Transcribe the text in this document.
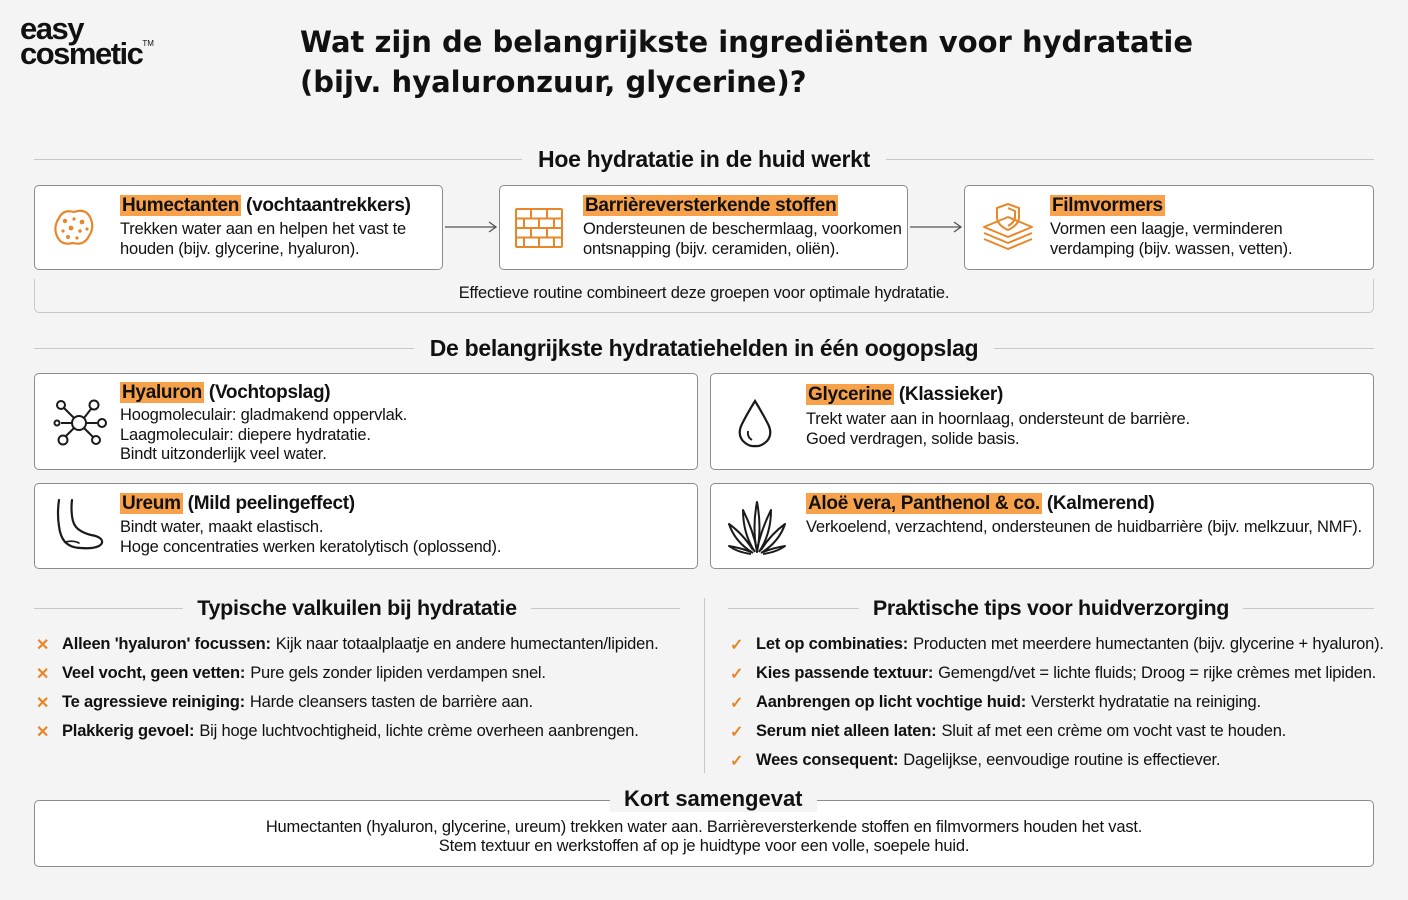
easy
cosmetic™	Wat zijn de belangrijkste ingrediënten voor hydratatie
(bijv. hyaluronzuur, glycerine)?
Hoe hydratatie in de huid werkt
Humectanten (vochtaantrekkers)
Trekken water aan en helpen het vast te houden (bijv. glycerine, hyaluron).
Barrièreversterkende stoffen
Ondersteunen de beschermlaag, voorkomen ontsnapping (bijv. ceramiden, oliën).
Filmvormers
Vormen een laagje, verminderen verdamping (bijv. wassen, vetten).
Effectieve routine combineert deze groepen voor optimale hydratatie.
De belangrijkste hydratatiehelden in één oogopslag
Hyaluron (Vochtopslag)
Hoogmoleculair: gladmakend oppervlak.
Laagmoleculair: diepere hydratatie.
Bindt uitzonderlijk veel water.
Glycerine (Klassieker)
Trekt water aan in hoornlaag, ondersteunt de barrière.
Goed verdragen, solide basis.
Ureum (Mild peelingeffect)
Bindt water, maakt elastisch.
Hoge concentraties werken keratolytisch (oplossend).
Aloë vera, Panthenol & co. (Kalmerend)
Verkoelend, verzachtend, ondersteunen de huidbarrière (bijv. melkzuur, NMF).
Typische valkuilen bij hydratatie
✕ Alleen 'hyaluron' focussen: Kijk naar totaalplaatje en andere humectanten/lipiden.
✕ Veel vocht, geen vetten: Pure gels zonder lipiden verdampen snel.
✕ Te agressieve reiniging: Harde cleansers tasten de barrière aan.
✕ Plakkerig gevoel: Bij hoge luchtvochtigheid, lichte crème overheen aanbrengen.
Praktische tips voor huidverzorging
✓ Let op combinaties: Producten met meerdere humectanten (bijv. glycerine + hyaluron).
✓ Kies passende textuur: Gemengd/vet = lichte fluids; Droog = rijke crèmes met lipiden.
✓ Aanbrengen op licht vochtige huid: Versterkt hydratatie na reiniging.
✓ Serum niet alleen laten: Sluit af met een crème om vocht vast te houden.
✓ Wees consequent: Dagelijkse, eenvoudige routine is effectiever.
Humectanten (hyaluron, glycerine, ureum) trekken water aan. Barrièreversterkende stoffen en filmvormers houden het vast.
Stem textuur en werkstoffen af op je huidtype voor een volle, soepele huid.
Kort samengevat
